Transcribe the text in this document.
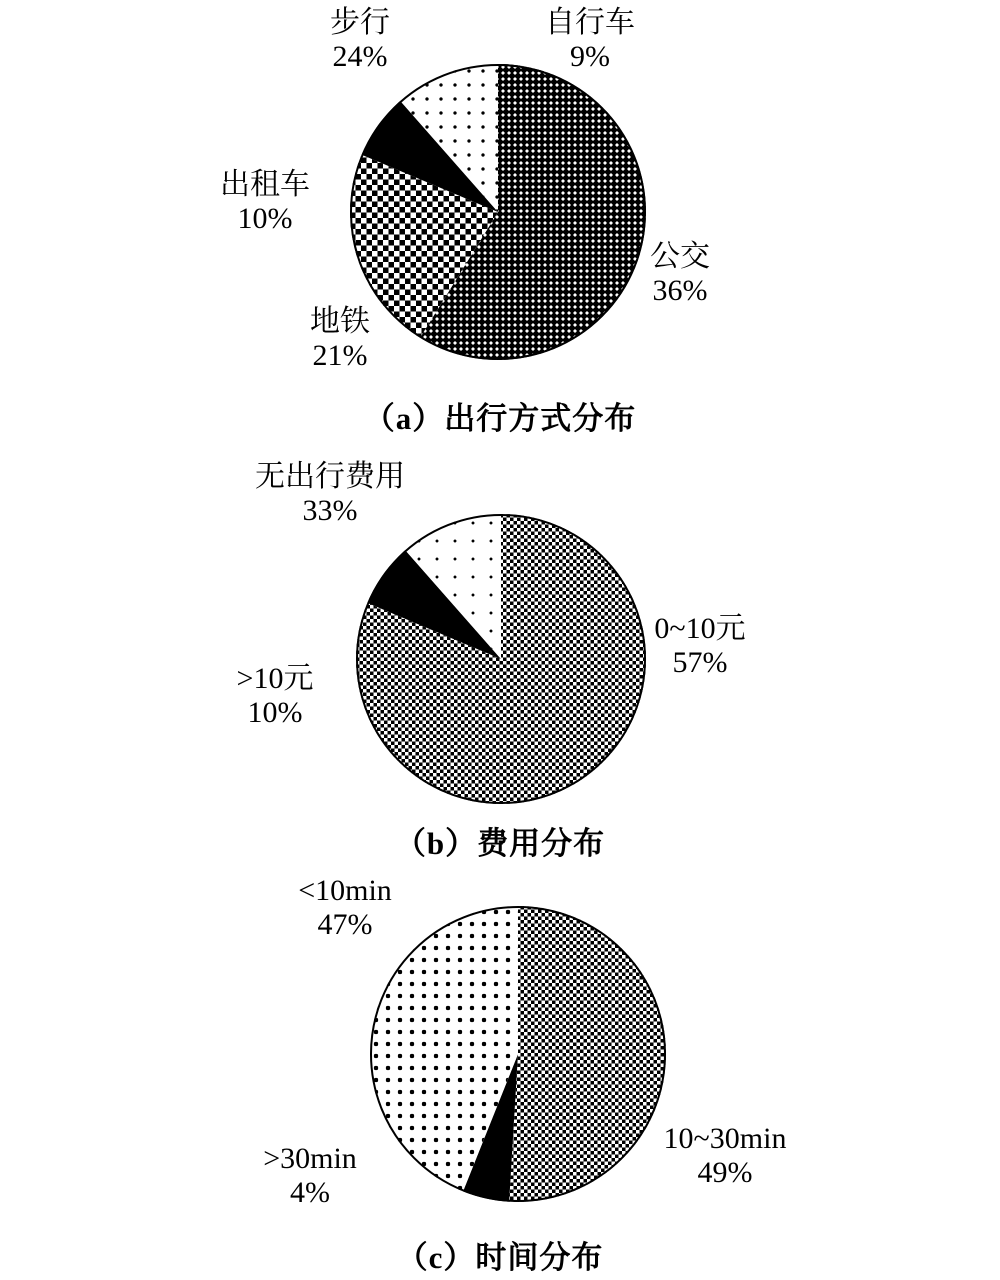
步行
24%
自行车
9%
公交
36%
地铁
21%
出租车
10%
（a）出行方式分布
无出行费用
33%
0~10元
57%
>10元
10%
（b）费用分布
<10min
47%
10~30min
49%
>30min
4%
（c）时间分布
